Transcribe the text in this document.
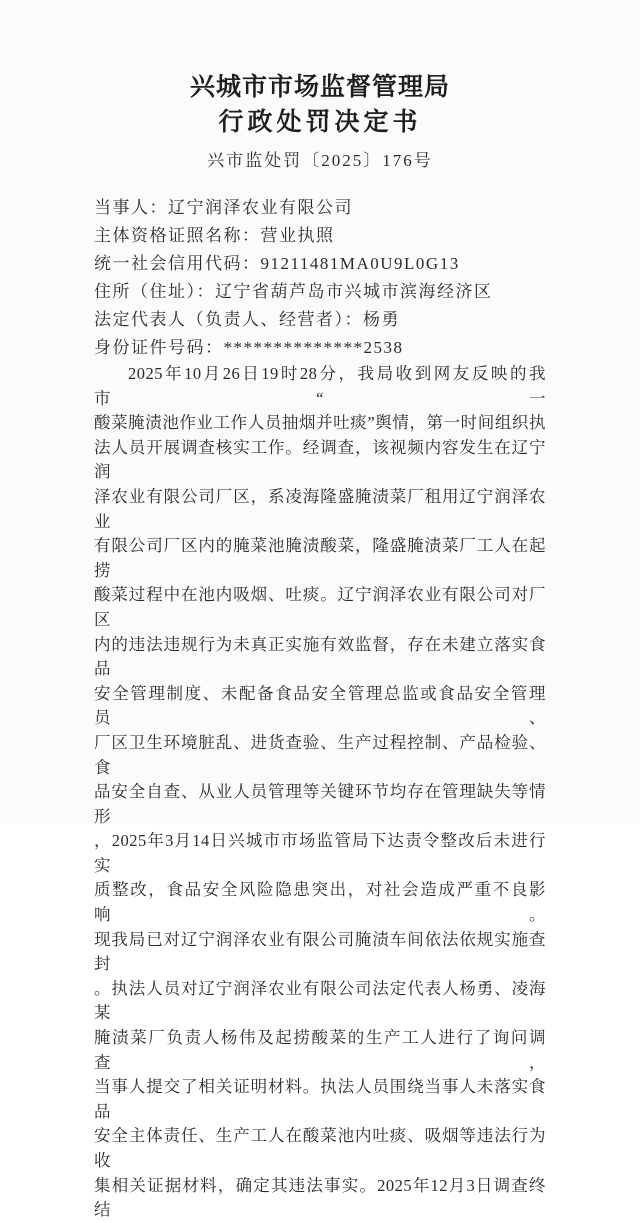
兴城市市场监督管理局
行政处罚决定书
兴市监处罚〔2025〕176号
当事人：辽宁润泽农业有限公司
主体资格证照名称：营业执照
统一社会信用代码：91211481MA0U9L0G13
住所（住址）：辽宁省葫芦岛市兴城市滨海经济区
法定代表人（负责人、经营者）：杨勇
身份证件号码：**************2538
2025年10月26日19时28分，我局收到网友反映的我市“一
酸菜腌渍池作业工作人员抽烟并吐痰”舆情，第一时间组织执
法人员开展调查核实工作。经调查，该视频内容发生在辽宁润
泽农业有限公司厂区，系凌海隆盛腌渍菜厂租用辽宁润泽农业
有限公司厂区内的腌菜池腌渍酸菜，隆盛腌渍菜厂工人在起捞
酸菜过程中在池内吸烟、吐痰。辽宁润泽农业有限公司对厂区
内的违法违规行为未真正实施有效监督，存在未建立落实食品
安全管理制度、未配备食品安全管理总监或食品安全管理员、
厂区卫生环境脏乱、进货查验、生产过程控制、产品检验、食
品安全自查、从业人员管理等关键环节均存在管理缺失等情形
，2025年3月14日兴城市市场监管局下达责令整改后未进行实
质整改，食品安全风险隐患突出，对社会造成严重不良影响。
现我局已对辽宁润泽农业有限公司腌渍车间依法依规实施查封
。执法人员对辽宁润泽农业有限公司法定代表人杨勇、凌海某
腌渍菜厂负责人杨伟及起捞酸菜的生产工人进行了询问调查，
当事人提交了相关证明材料。执法人员围绕当事人未落实食品
安全主体责任、生产工人在酸菜池内吐痰、吸烟等违法行为收
集相关证据材料，确定其违法事实。2025年12月3日调查终结
